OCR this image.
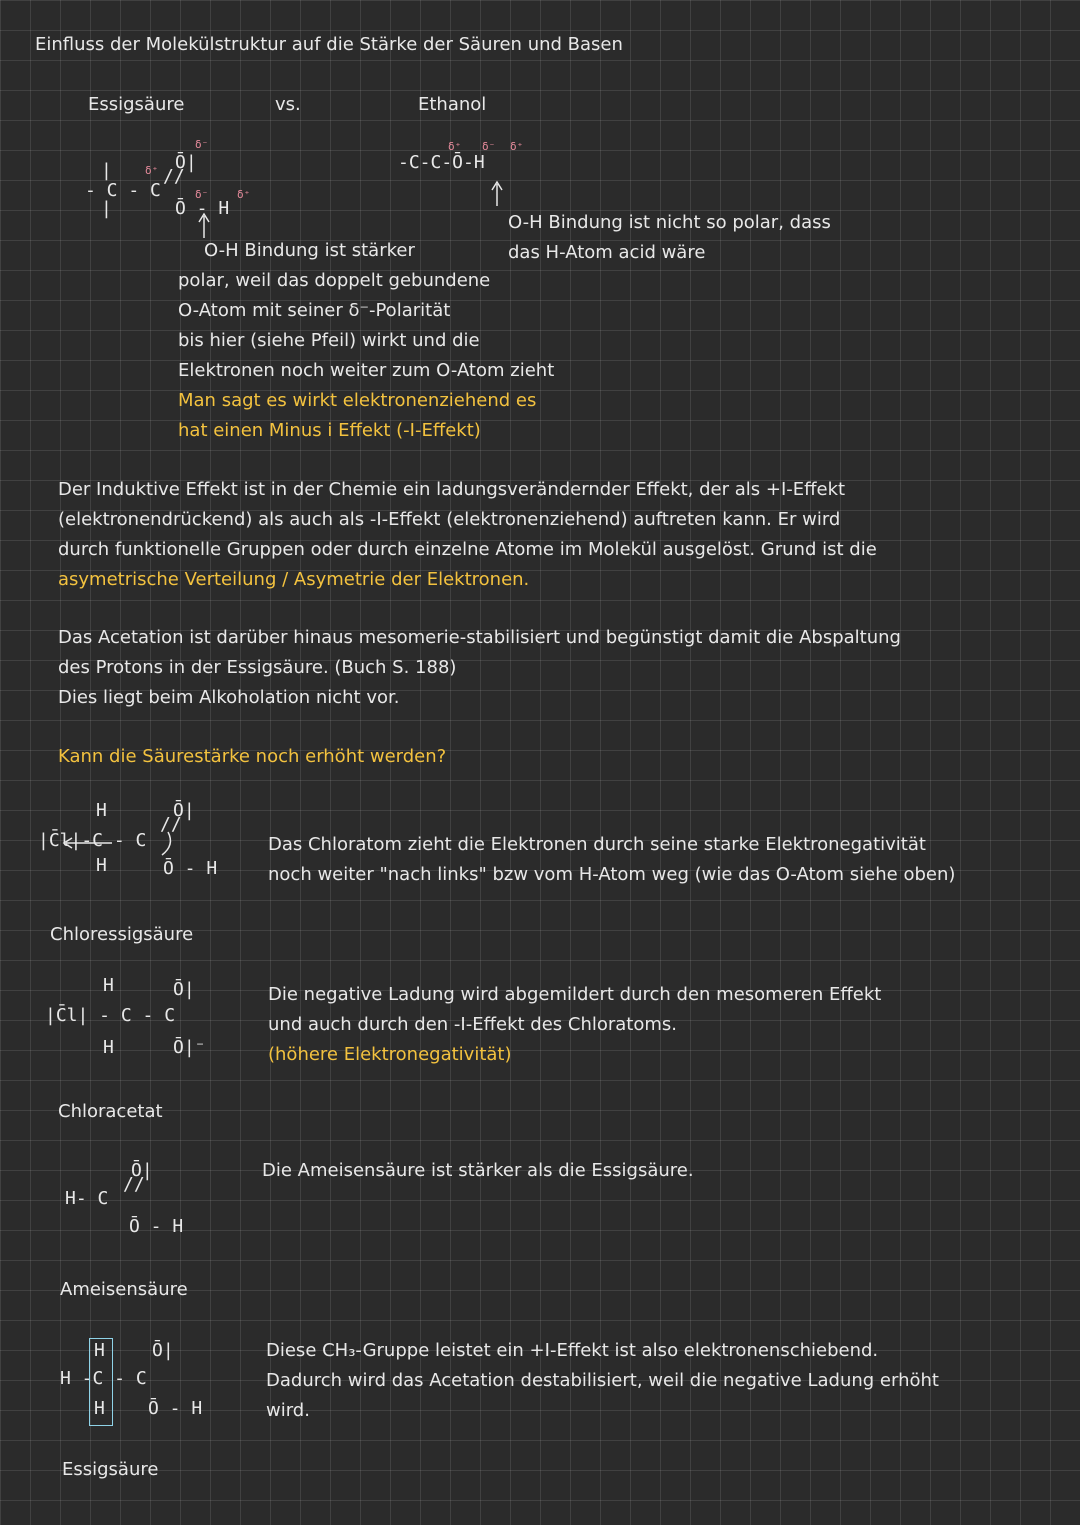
Einfluss der Molekülstruktur auf die Stärke der Säuren und Basen
Essigsäure	vs.	Ethanol
- C - C
|
|
Ō|
//
Ō - H
δ⁺
δ⁻
δ⁻	δ⁺
-C-C-Ō-H
δ⁺ δ⁻ δ⁺
O-H Bindung ist stärker
polar, weil das doppelt gebundene
O-Atom mit seiner δ⁻-Polarität
bis hier (siehe Pfeil) wirkt und die
Elektronen noch weiter zum O-Atom zieht
Man sagt es wirkt elektronenziehend es
hat einen Minus i Effekt (-I-Effekt)
O-H Bindung ist nicht so polar, dass
das H-Atom acid wäre
Der Induktive Effekt ist in der Chemie ein ladungsverändernder Effekt, der als +I-Effekt
(elektronendrückend) als auch als -I-Effekt (elektronenziehend) auftreten kann. Er wird
durch funktionelle Gruppen oder durch einzelne Atome im Molekül ausgelöst. Grund ist die
asymetrische Verteilung / Asymetrie der Elektronen.
Das Acetation ist darüber hinaus mesomerie-stabilisiert und begünstigt damit die Abspaltung
des Protons in der Essigsäure. (Buch S. 188)
Dies liegt beim Alkoholation nicht vor.
Kann die Säurestärke noch erhöht werden?
H
|C̄l|-C - C
H
Ō|
//
Ō - H
Chloressigsäure
Das Chloratom zieht die Elektronen durch seine starke Elektronegativität
noch weiter "nach links" bzw vom H-Atom weg (wie das O-Atom siehe oben)
H
|C̄l| - C - C
H
Ō|
Ō|⁻
Chloracetat
Die negative Ladung wird abgemildert durch den mesomeren Effekt
und auch durch den -I-Effekt des Chloratoms.
(höhere Elektronegativität)
Ō|
H- C
//
Ō - H
Ameisensäure
Die Ameisensäure ist stärker als die Essigsäure.
H
H -C - C
H
Ō|
Ō - H
Essigsäure
Diese CH₃-Gruppe leistet ein +I-Effekt ist also elektronenschiebend.
Dadurch wird das Acetation destabilisiert, weil die negative Ladung erhöht
wird.
